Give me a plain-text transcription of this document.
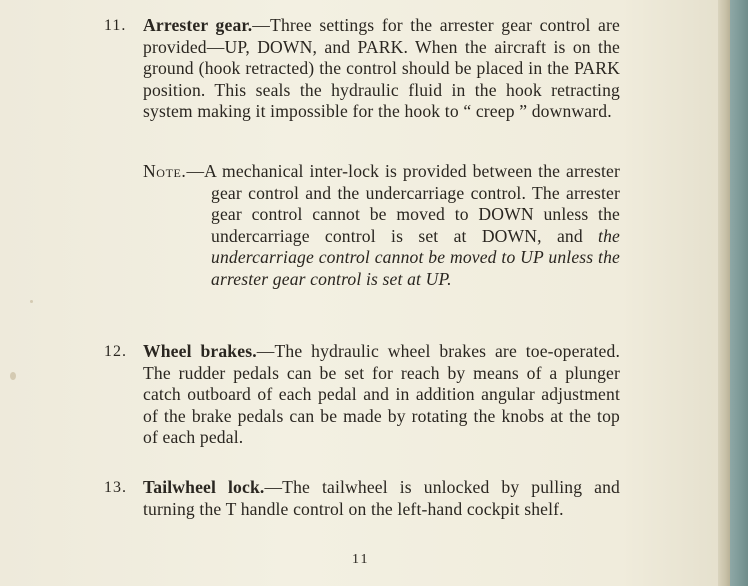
11. Arrester gear.—Three settings for the arrester gear control are provided—UP, DOWN, and PARK. When the aircraft is on the ground (hook retracted) the control should be placed in the PARK position. This seals the hydraulic fluid in the hook retracting system making it impossible for the hook to “ creep ” downward.

Note.—A mechanical inter-lock is provided between the arrester gear control and the undercarriage control. The arrester gear control cannot be moved to DOWN unless the undercarriage control is set at DOWN, and the undercarriage control cannot be moved to UP unless the arrester gear control is set at UP.

12. Wheel brakes.—The hydraulic wheel brakes are toe-operated. The rudder pedals can be set for reach by means of a plunger catch outboard of each pedal and in addition angular adjustment of the brake pedals can be made by rotating the knobs at the top of each pedal.

13. Tailwheel lock.—The tailwheel is unlocked by pulling and turning the T handle control on the left-hand cockpit shelf.

11
